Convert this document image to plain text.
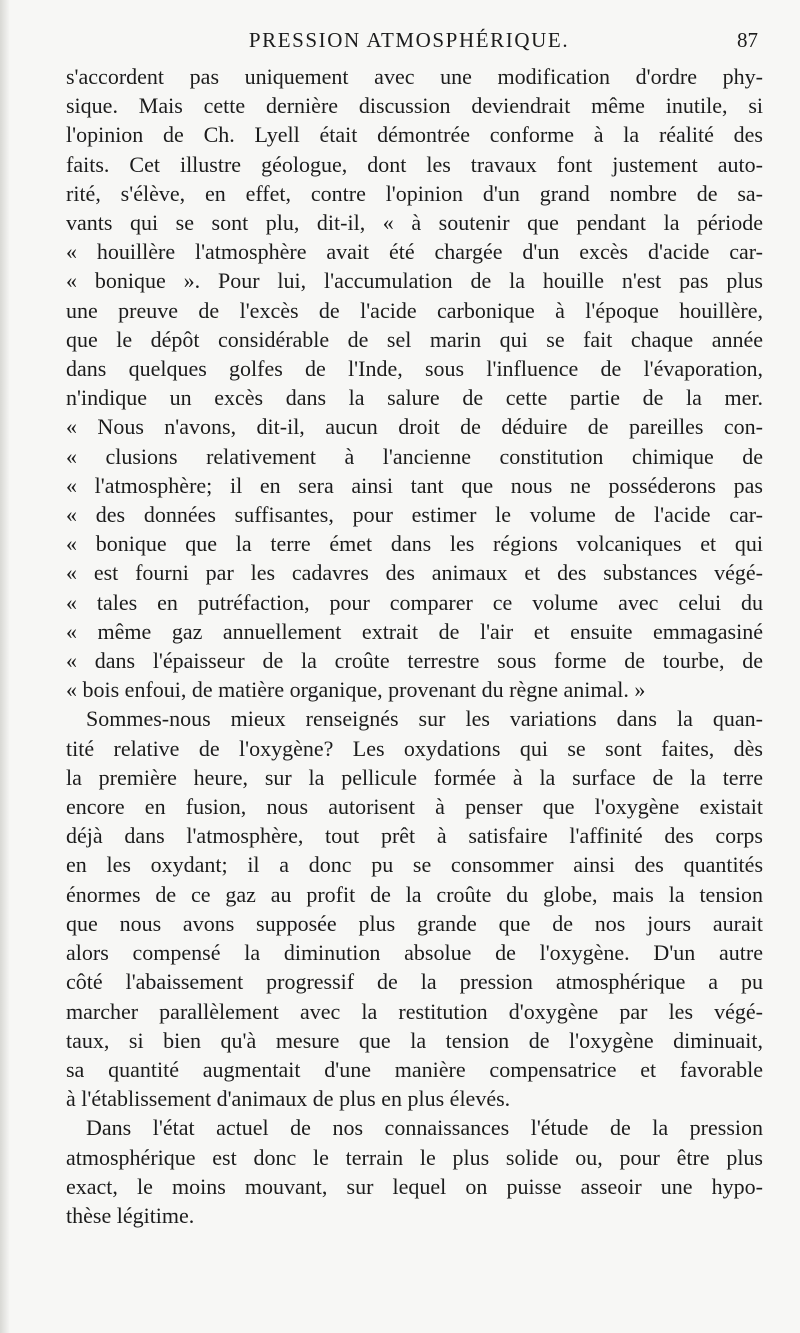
PRESSION ATMOSPHÉRIQUE.	87
s'accordent pas uniquement avec une modification d'ordre phy-
sique. Mais cette dernière discussion deviendrait même inutile, si
l'opinion de Ch. Lyell était démontrée conforme à la réalité des
faits. Cet illustre géologue, dont les travaux font justement auto-
rité, s'élève, en effet, contre l'opinion d'un grand nombre de sa-
vants qui se sont plu, dit-il, « à soutenir que pendant la période
« houillère l'atmosphère avait été chargée d'un excès d'acide car-
« bonique ». Pour lui, l'accumulation de la houille n'est pas plus
une preuve de l'excès de l'acide carbonique à l'époque houillère,
que le dépôt considérable de sel marin qui se fait chaque année
dans quelques golfes de l'Inde, sous l'influence de l'évaporation,
n'indique un excès dans la salure de cette partie de la mer.
« Nous n'avons, dit-il, aucun droit de déduire de pareilles con-
« clusions relativement à l'ancienne constitution chimique de
« l'atmosphère; il en sera ainsi tant que nous ne posséderons pas
« des données suffisantes, pour estimer le volume de l'acide car-
« bonique que la terre émet dans les régions volcaniques et qui
« est fourni par les cadavres des animaux et des substances végé-
« tales en putréfaction, pour comparer ce volume avec celui du
« même gaz annuellement extrait de l'air et ensuite emmagasiné
« dans l'épaisseur de la croûte terrestre sous forme de tourbe, de
« bois enfoui, de matière organique, provenant du règne animal. »
Sommes-nous mieux renseignés sur les variations dans la quan-
tité relative de l'oxygène? Les oxydations qui se sont faites, dès
la première heure, sur la pellicule formée à la surface de la terre
encore en fusion, nous autorisent à penser que l'oxygène existait
déjà dans l'atmosphère, tout prêt à satisfaire l'affinité des corps
en les oxydant; il a donc pu se consommer ainsi des quantités
énormes de ce gaz au profit de la croûte du globe, mais la tension
que nous avons supposée plus grande que de nos jours aurait
alors compensé la diminution absolue de l'oxygène. D'un autre
côté l'abaissement progressif de la pression atmosphérique a pu
marcher parallèlement avec la restitution d'oxygène par les végé-
taux, si bien qu'à mesure que la tension de l'oxygène diminuait,
sa quantité augmentait d'une manière compensatrice et favorable
à l'établissement d'animaux de plus en plus élevés.
Dans l'état actuel de nos connaissances l'étude de la pression
atmosphérique est donc le terrain le plus solide ou, pour être plus
exact, le moins mouvant, sur lequel on puisse asseoir une hypo-
thèse légitime.
